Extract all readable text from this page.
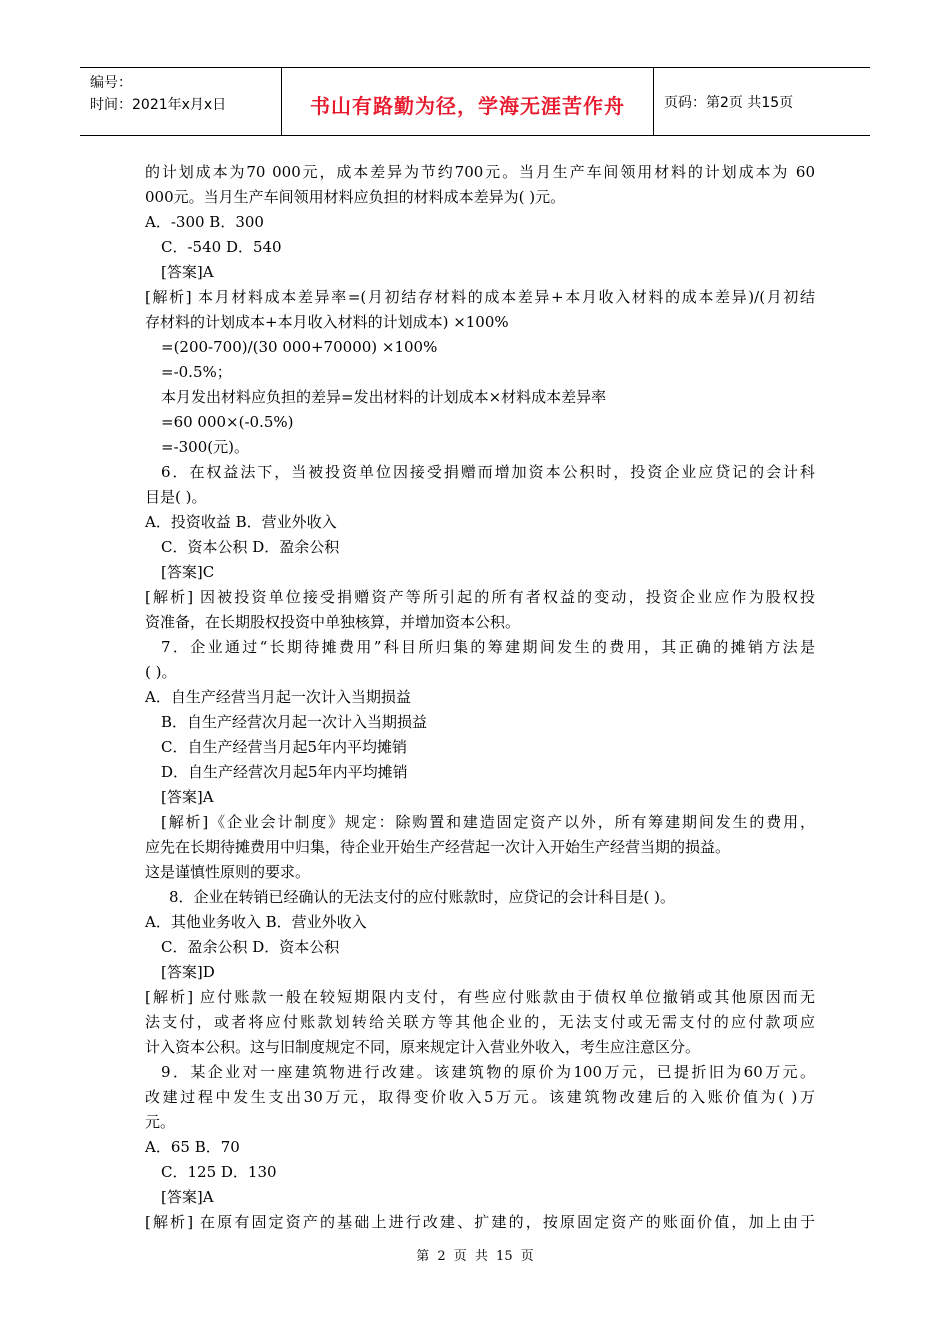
编号：
时间：2021年x月x日	书山有路勤为径，学海无涯苦作舟	页码：第2页 共15页
的计划成本为70 000元，成本差异为节约700元。当月生产车间领用材料的计划成本为 60
000元。当月生产车间领用材料应负担的材料成本差异为( )元。
A．-300 B．300
C．-540 D．540
[答案]A
[解析] 本月材料成本差异率=(月初结存材料的成本差异+本月收入材料的成本差异)/(月初结
存材料的计划成本+本月收入材料的计划成本) ×100%
=(200-700)/(30 000+70000) ×100%
=-0.5%；
本月发出材料应负担的差异=发出材料的计划成本×材料成本差异率
=60 000×(-0.5%)
=-300(元)。
6．在权益法下，当被投资单位因接受捐赠而增加资本公积时，投资企业应贷记的会计科
目是( )。
A．投资收益 B．营业外收入
C．资本公积 D．盈余公积
[答案]C
[解析] 因被投资单位接受捐赠资产等所引起的所有者权益的变动，投资企业应作为股权投
资准备，在长期股权投资中单独核算，并增加资本公积。
7．企业通过“长期待摊费用”科目所归集的筹建期间发生的费用，其正确的摊销方法是
( )。
A．自生产经营当月起一次计入当期损益
B．自生产经营次月起一次计入当期损益
C．自生产经营当月起5年内平均摊销
D．自生产经营次月起5年内平均摊销
[答案]A
[解析]《企业会计制度》规定：除购置和建造固定资产以外，所有筹建期间发生的费用，
应先在长期待摊费用中归集，待企业开始生产经营起一次计入开始生产经营当期的损益。
这是谨慎性原则的要求。
8．企业在转销已经确认的无法支付的应付账款时，应贷记的会计科目是( )。
A．其他业务收入 B．营业外收入
C．盈余公积 D．资本公积
[答案]D
[解析] 应付账款一般在较短期限内支付，有些应付账款由于债权单位撤销或其他原因而无
法支付，或者将应付账款划转给关联方等其他企业的，无法支付或无需支付的应付款项应
计入资本公积。这与旧制度规定不同，原来规定计入营业外收入，考生应注意区分。
9．某企业对一座建筑物进行改建。该建筑物的原价为100万元，已提折旧为60万元。
改建过程中发生支出30万元，取得变价收入5万元。该建筑物改建后的入账价值为( )万
元。
A．65 B．70
C．125 D．130
[答案]A
[解析] 在原有固定资产的基础上进行改建、扩建的，按原固定资产的账面价值，加上由于
第 2 页 共 15 页
